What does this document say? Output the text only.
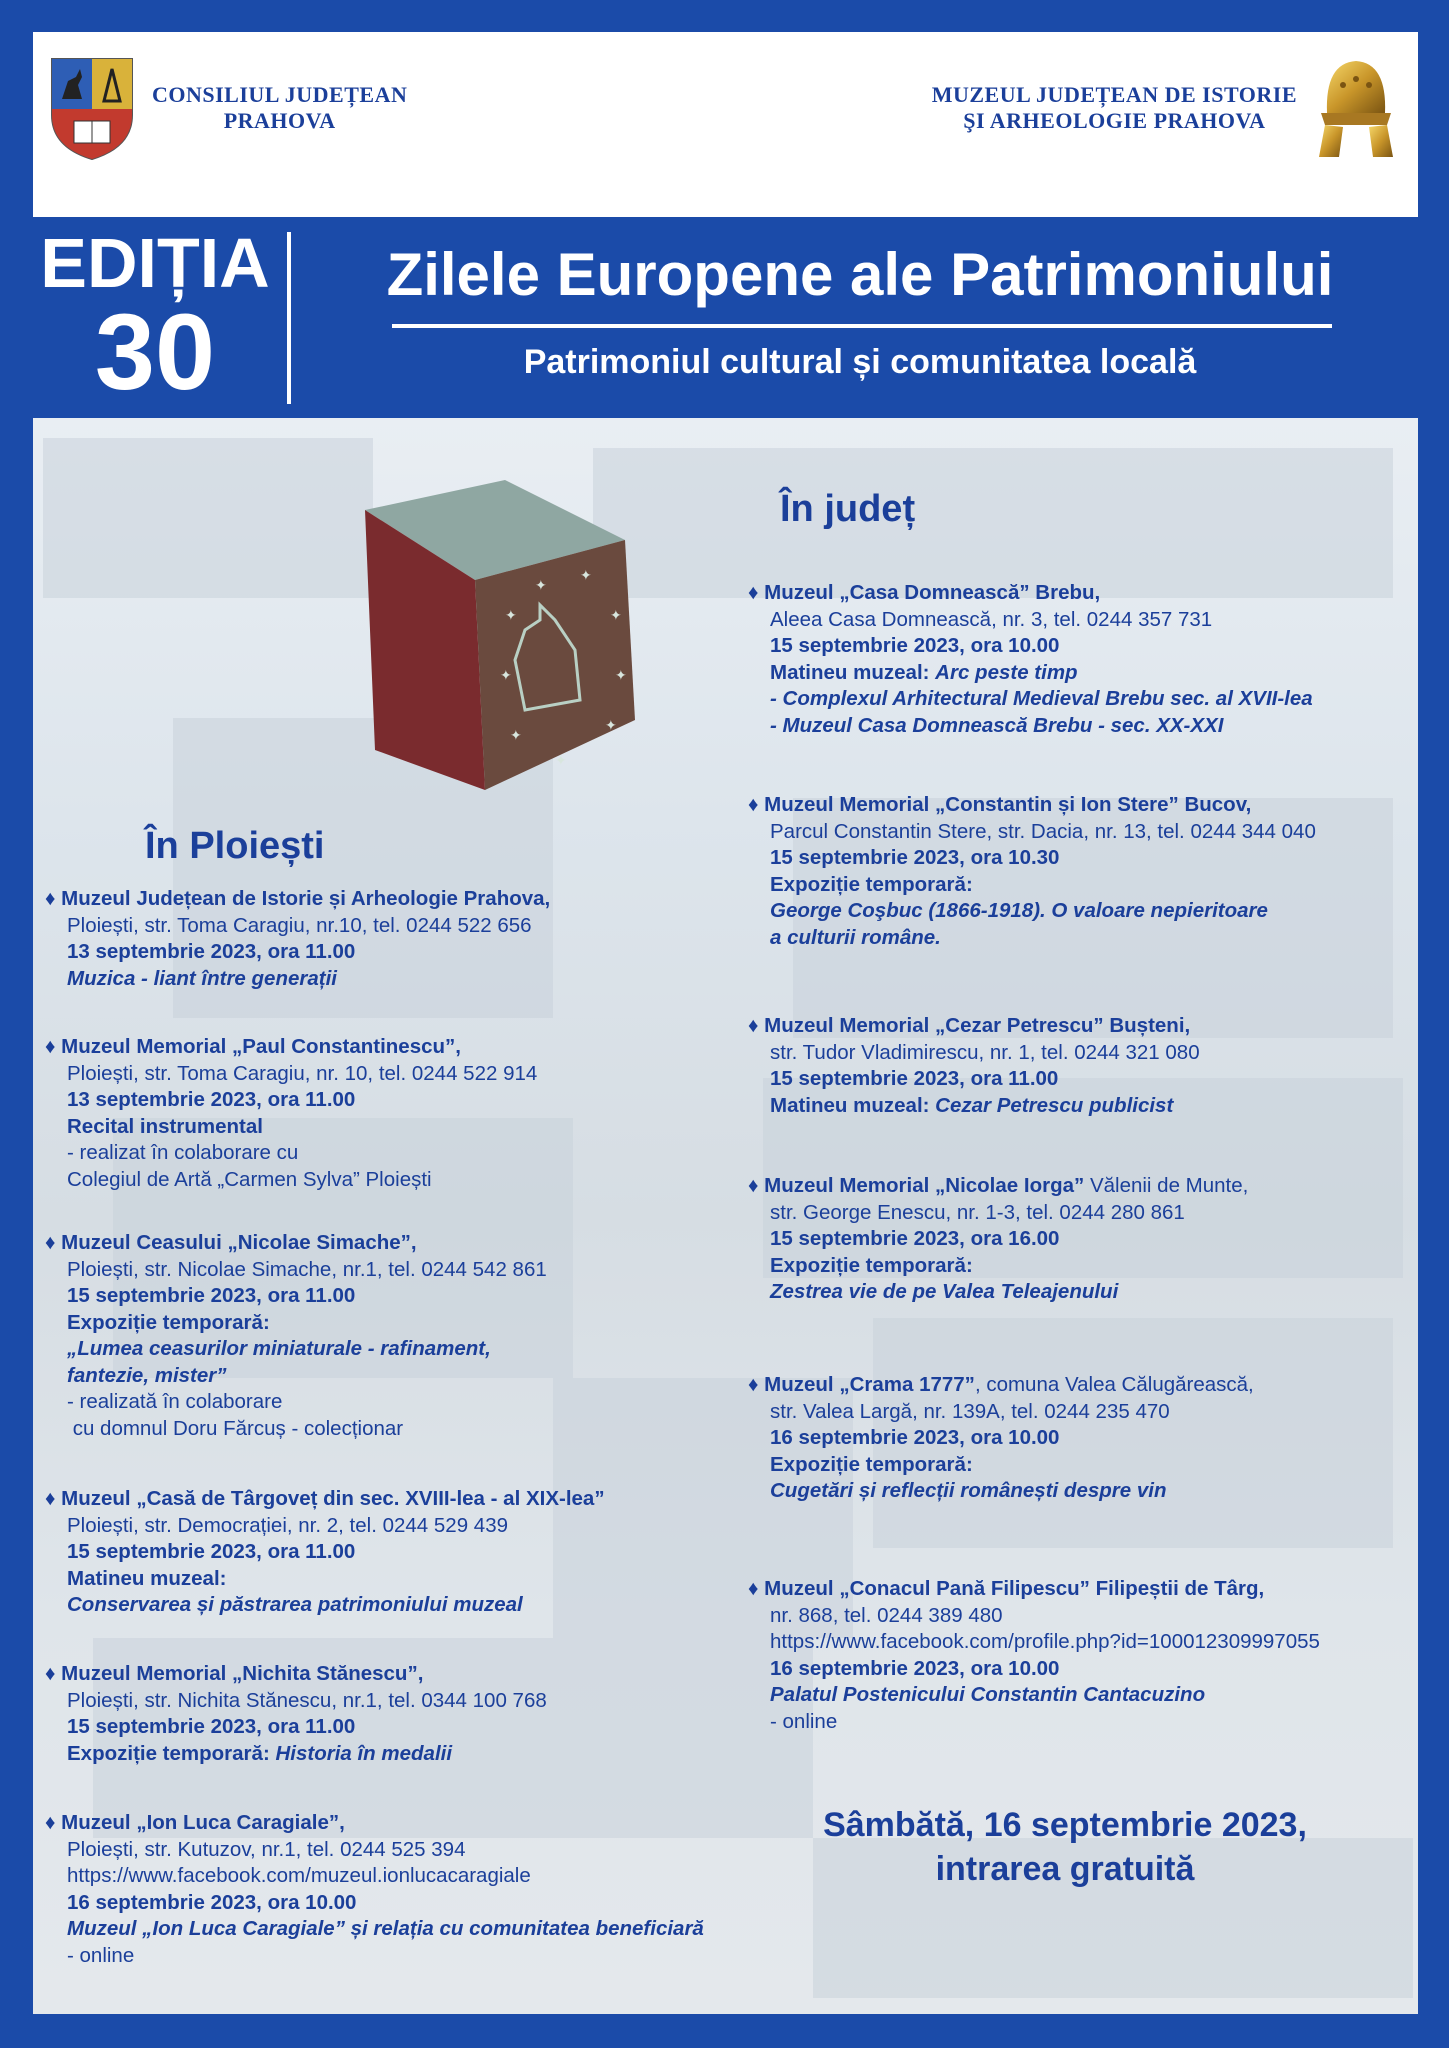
CONSILIUL JUDEȚEAN
PRAHOVA
MUZEUL JUDEȚEAN DE ISTORIE
ŞI ARHEOLOGIE PRAHOVA
EDIȚIA
30
Zilele Europene ale Patrimoniului
Patrimoniul cultural și comunitatea locală
✦
✦
✦	✦
✦	✦
✦
✦
✦
În Ploiești
În județ
♦ Muzeul Județean de Istorie și Arheologie Prahova,
Ploiești, str. Toma Caragiu, nr.10, tel. 0244 522 656
13 septembrie 2023, ora 11.00
Muzica - liant între generații
♦ Muzeul Memorial „Paul Constantinescu”,
Ploiești, str. Toma Caragiu, nr. 10, tel. 0244 522 914
13 septembrie 2023, ora 11.00
Recital instrumental
- realizat în colaborare cu
Colegiul de Artă „Carmen Sylva” Ploiești
♦ Muzeul Ceasului „Nicolae Simache”,
Ploiești, str. Nicolae Simache, nr.1, tel. 0244 542 861
15 septembrie 2023, ora 11.00
Expoziție temporară:
„Lumea ceasurilor miniaturale - rafinament,
fantezie, mister”
- realizată în colaborare
cu domnul Doru Fărcuș - colecționar
♦ Muzeul „Casă de Târgoveț din sec. XVIII-lea - al XIX-lea”
Ploiești, str. Democrației, nr. 2, tel. 0244 529 439
15 septembrie 2023, ora 11.00
Matineu muzeal:
Conservarea și păstrarea patrimoniului muzeal
♦ Muzeul Memorial „Nichita Stănescu”,
Ploiești, str. Nichita Stănescu, nr.1, tel. 0344 100 768
15 septembrie 2023, ora 11.00
Expoziție temporară: Historia în medalii
♦ Muzeul „Ion Luca Caragiale”,
Ploiești, str. Kutuzov, nr.1, tel. 0244 525 394
https://www.facebook.com/muzeul.ionlucacaragiale
16 septembrie 2023, ora 10.00
Muzeul „Ion Luca Caragiale” și relația cu comunitatea beneficiară
- online
♦ Muzeul „Casa Domnească” Brebu,
Aleea Casa Domnească, nr. 3, tel. 0244 357 731
15 septembrie 2023, ora 10.00
Matineu muzeal: Arc peste timp
- Complexul Arhitectural Medieval Brebu sec. al XVII-lea
- Muzeul Casa Domnească Brebu - sec. XX-XXI
♦ Muzeul Memorial „Constantin și Ion Stere” Bucov,
Parcul Constantin Stere, str. Dacia, nr. 13, tel. 0244 344 040
15 septembrie 2023, ora 10.30
Expoziție temporară:
George Coşbuc (1866-1918). O valoare nepieritoare
a culturii române.
♦ Muzeul Memorial „Cezar Petrescu” Bușteni,
str. Tudor Vladimirescu, nr. 1, tel. 0244 321 080
15 septembrie 2023, ora 11.00
Matineu muzeal: Cezar Petrescu publicist
♦ Muzeul Memorial „Nicolae Iorga” Vălenii de Munte,
str. George Enescu, nr. 1-3, tel. 0244 280 861
15 septembrie 2023, ora 16.00
Expoziție temporară:
Zestrea vie de pe Valea Teleajenului
♦ Muzeul „Crama 1777”, comuna Valea Călugărească,
str. Valea Largă, nr. 139A, tel. 0244 235 470
16 septembrie 2023, ora 10.00
Expoziție temporară:
Cugetări și reflecții românești despre vin
♦ Muzeul „Conacul Pană Filipescu” Filipeștii de Târg,
nr. 868, tel. 0244 389 480
https://www.facebook.com/profile.php?id=100012309997055
16 septembrie 2023, ora 10.00
Palatul Postenicului Constantin Cantacuzino
- online
Sâmbătă, 16 septembrie 2023,
intrarea gratuită
